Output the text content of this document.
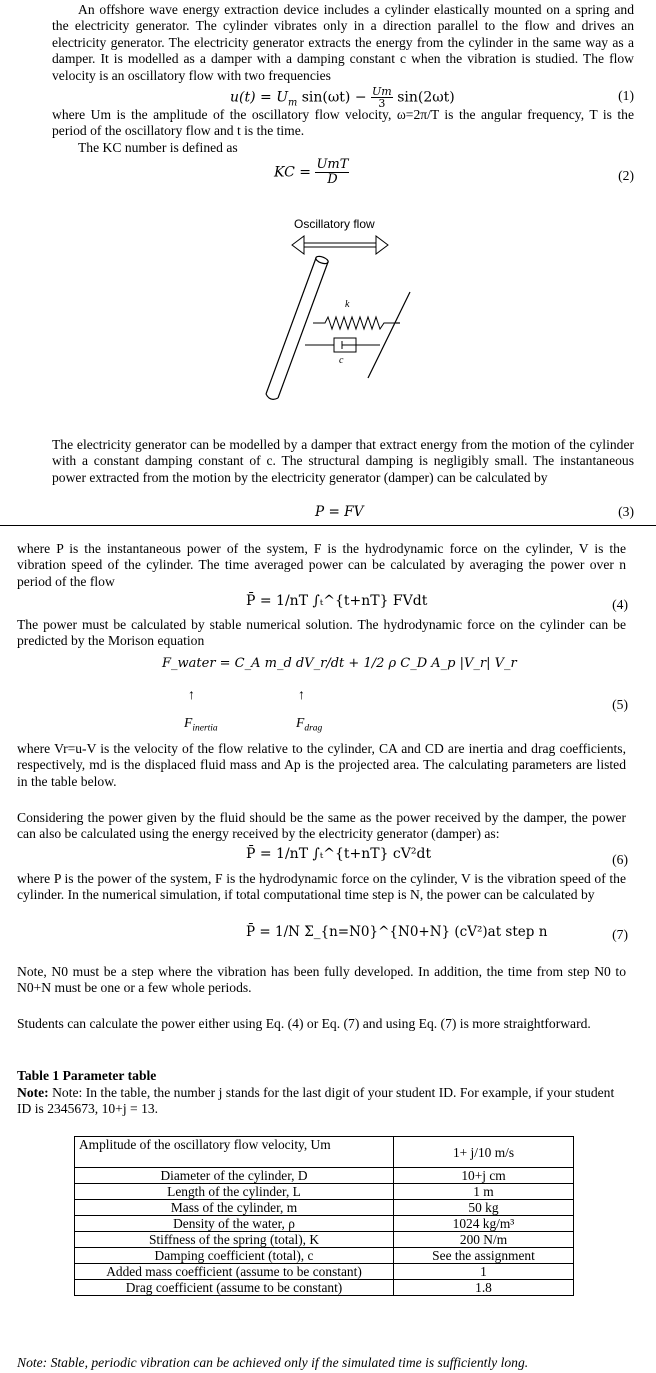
An offshore wave energy extraction device includes a cylinder elastically mounted on a spring and the electricity generator. The cylinder vibrates only in a direction parallel to the flow and drives an electricity generator. The electricity generator extracts the energy from the cylinder in the same way as a damper. It is modelled as a damper with a damping constant c when the vibration is studied. The flow velocity is an oscillatory flow with two frequencies

$u(t) = U_m$ $\sin(\omega t) - \frac{Um}{3} \sin(2\omega t)$	(1)

where Um is the amplitude of the oscillatory flow velocity, ω=2π/T is the angular frequency, T is the period of the oscillatory flow and t is the time.

The KC number is defined as

KC = $\frac{\text{UmT}}{D}$	(2)
Oscillatory flow
k
c

The electricity generator can be modelled by a damper that extract energy from the motion of the cylinder with a constant damping constant of c. The structural damping is negligibly small. The instantaneous power extracted from the motion by the electricity generator (damper) can be calculated by

P = FV	(3)

where P is the instantaneous power of the system, F is the hydrodynamic force on the cylinder, V is the vibration speed of the cylinder. The time averaged power can be calculated by averaging the power over n period of the flow

P̄ = 1/nT ∫ₜ^{t+nT} FVdt	(4)

The power must be calculated by stable numerical solution. The hydrodynamic force on the cylinder can be predicted by the Morison equation

F_water = C_A m_d dV_r/dt + 1/2 ρ C_D A_p |V_r| V_r
↑	↑
(5)
$F_{inertia}$	$F_{drag}$

where Vr=u-V is the velocity of the flow relative to the cylinder, CA and CD are inertia and drag coefficients, respectively, md is the displaced fluid mass and Ap is the projected area. The calculating parameters are listed in the table below.

Considering the power given by the fluid should be the same as the power received by the damper, the power can also be calculated using the energy received by the electricity generator (damper) as:

P̄ = 1/nT ∫ₜ^{t+nT} cV²dt	(6)

where P is the power of the system, F is the hydrodynamic force on the cylinder, V is the vibration speed of the cylinder. In the numerical simulation, if total computational time step is N, the power can be calculated by

P̄ = 1/N Σ_{n=N0}^{N0+N} (cV²)at step n	(7)

Note, N0 must be a step where the vibration has been fully developed. In addition, the time from step N0 to N0+N must be one or a few whole periods.

Students can calculate the power either using Eq. (4) or Eq. (7) and using Eq. (7) is more straightforward.

Table 1 Parameter table

Note: Note: In the table, the number j stands for the last digit of your student ID. For example, if your student ID is 2345673, 10+j = 13.

Amplitude of the oscillatory flow velocity, Um	1+ j/10 m/s
Diameter of the cylinder, D	10+j cm
Length of the cylinder, L	1 m
Mass of the cylinder, m	50 kg
Density of the water, ρ	1024 kg/m³
Stiffness of the spring (total), K	200 N/m
Damping coefficient (total), c	See the assignment
Added mass coefficient (assume to be constant)	1
Drag coefficient (assume to be constant)	1.8
Note: Stable, periodic vibration can be achieved only if the simulated time is sufficiently long.
